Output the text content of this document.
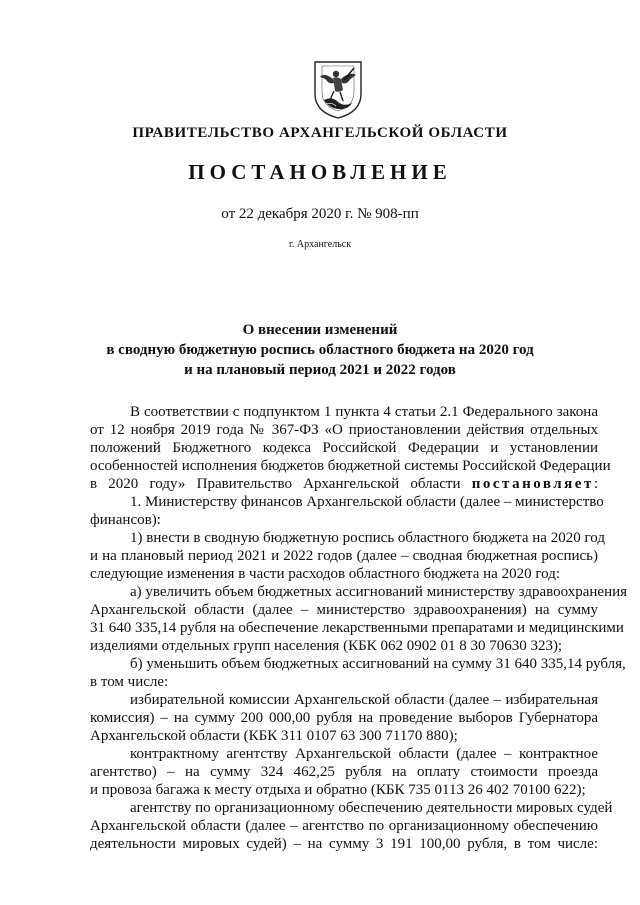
ПРАВИТЕЛЬСТВО АРХАНГЕЛЬСКОЙ ОБЛАСТИ
ПОСТАНОВЛЕНИЕ
от 22 декабря 2020 г. № 908-пп
г. Архангельск
О внесении изменений
в сводную бюджетную роспись областного бюджета на 2020 год
и на плановый период 2021 и 2022 годов
В соответствии с подпунктом 1 пункта 4 статьи 2.1 Федерального закона
от 12 ноября 2019 года № 367-ФЗ «О приостановлении действия отдельных
положений Бюджетного кодекса Российской Федерации и установлении
особенностей исполнения бюджетов бюджетной системы Российской Федерации
в 2020 году» Правительство Архангельской области постановляет:
1. Министерству финансов Архангельской области (далее – министерство
финансов):
1) внести в сводную бюджетную роспись областного бюджета на 2020 год
и на плановый период 2021 и 2022 годов (далее – сводная бюджетная роспись)
следующие изменения в части расходов областного бюджета на 2020 год:
а) увеличить объем бюджетных ассигнований министерству здравоохранения
Архангельской области (далее – министерство здравоохранения) на сумму
31 640 335,14 рубля на обеспечение лекарственными препаратами и медицинскими
изделиями отдельных групп населения (КБК 062 0902 01 8 30 70630 323);
б) уменьшить объем бюджетных ассигнований на сумму 31 640 335,14 рубля,
в том числе:
избирательной комиссии Архангельской области (далее – избирательная
комиссия) – на сумму 200 000,00 рубля на проведение выборов Губернатора
Архангельской области (КБК 311 0107 63 300 71170 880);
контрактному агентству Архангельской области (далее – контрактное
агентство) – на сумму 324 462,25 рубля на оплату стоимости проезда
и провоза багажа к месту отдыха и обратно (КБК 735 0113 26 402 70100 622);
агентству по организационному обеспечению деятельности мировых судей
Архангельской области (далее – агентство по организационному обеспечению
деятельности мировых судей) – на сумму 3 191 100,00 рубля, в том числе:
